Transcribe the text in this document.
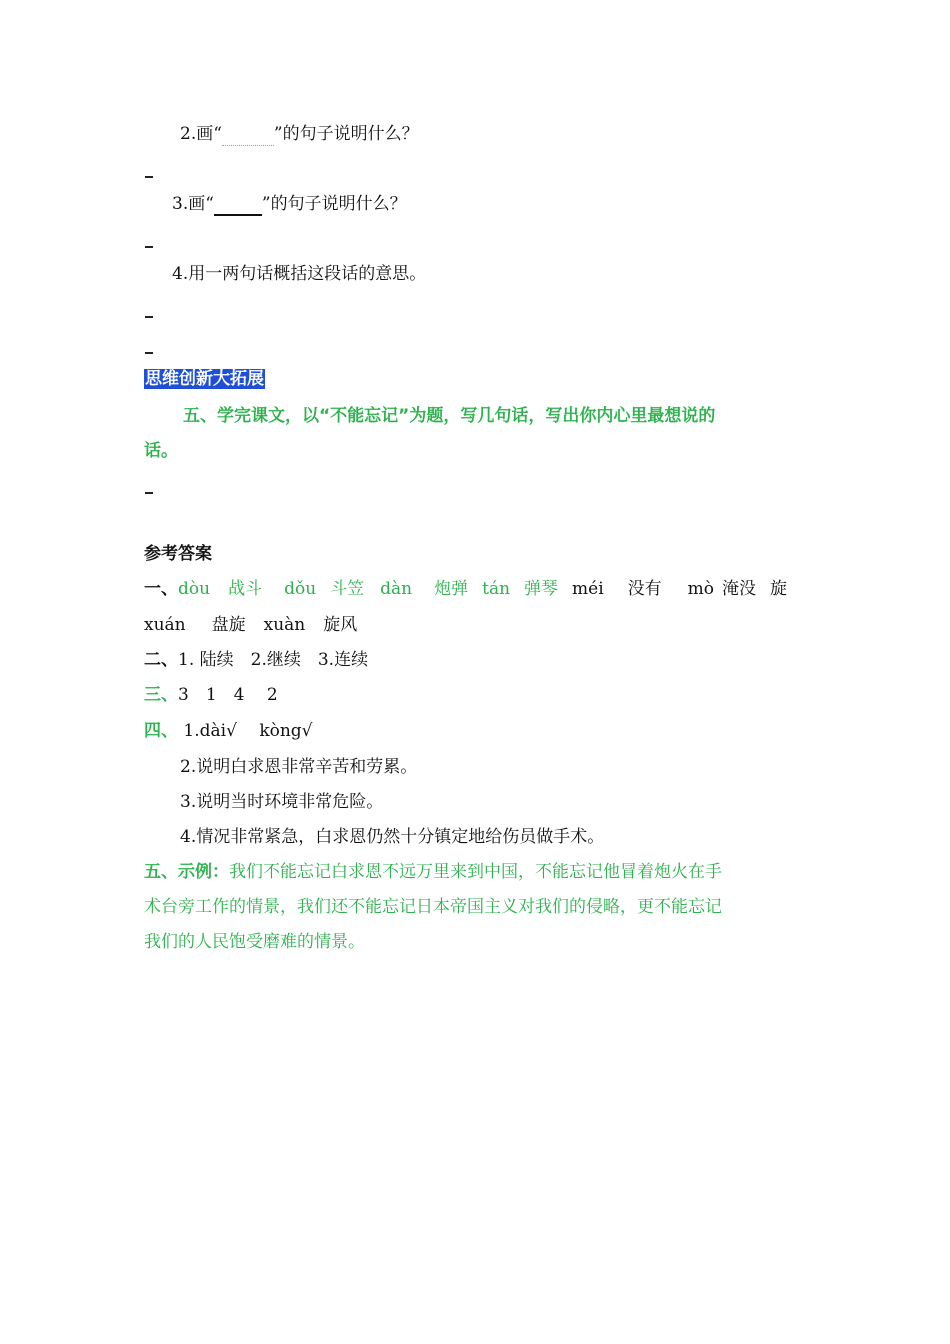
2.画“	”的句子说明什么？
3.画“	”的句子说明什么？
4.用一两句话概括这段话的意思。
思维创新大拓展
五、学完课文，以“不能忘记”为题，写几句话，写出你内心里最想说的
话。
参考答案
一、dòu 战斗 dǒu 斗笠 dàn 炮弹 tán 弹琴 méi 没有 mò 淹没 旋
xuán 盘旋 xuàn 旋风
二、1. 陆续　2.继续　3.连续
三、3　1　4　 2
四、 1.dài√　 kòng√
2.说明白求恩非常辛苦和劳累。
3.说明当时环境非常危险。
4.情况非常紧急，白求恩仍然十分镇定地给伤员做手术。
五、示例：我们不能忘记白求恩不远万里来到中国，不能忘记他冒着炮火在手
术台旁工作的情景，我们还不能忘记日本帝国主义对我们的侵略，更不能忘记
我们的人民饱受磨难的情景。
